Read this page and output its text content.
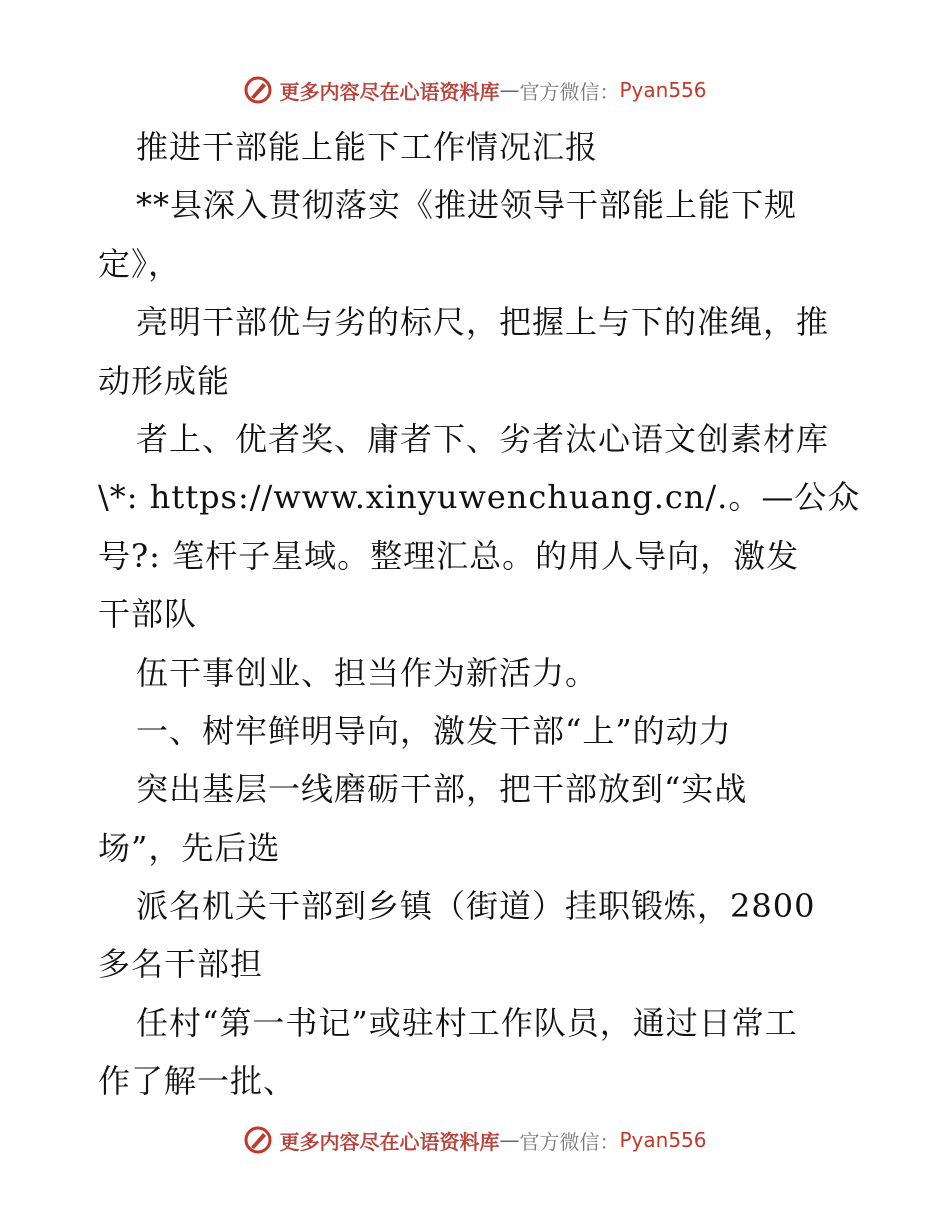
更多内容尽在心语资料库 — 官方微信： Pyan556
推进干部能上能下工作情况汇报
**县深入贯彻落实《推进领导干部能上能下规
定》，
亮明干部优与劣的标尺，把握上与下的准绳，推
动形成能
者上、优者奖、庸者下、劣者汰心语文创素材库
\*: https://www.xinyuwenchuang.cn/.。—公众
号?: 笔杆子星域。整理汇总。的用人导向，激发
干部队
伍干事创业、担当作为新活力。
一、树牢鲜明导向，激发干部“上”的动力
突出基层一线磨砺干部，把干部放到“实战
场”，先后选
派名机关干部到乡镇（街道）挂职锻炼，2800
多名干部担
任村“第一书记”或驻村工作队员，通过日常工
作了解一批、
更多内容尽在心语资料库 — 官方微信： Pyan556
